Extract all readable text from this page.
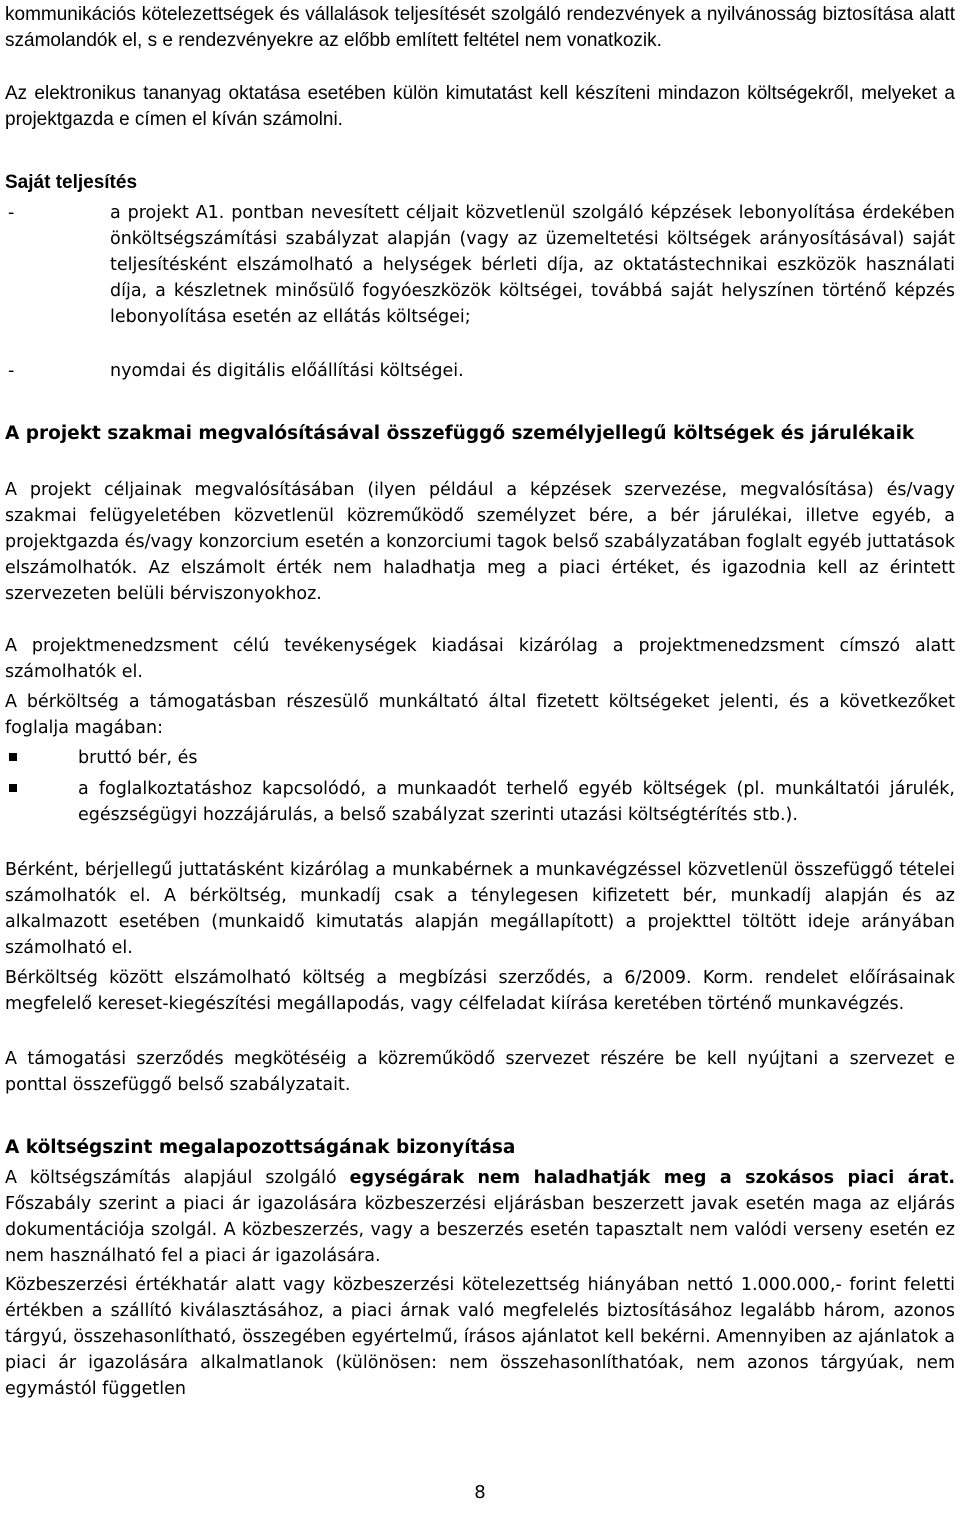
kommunikációs kötelezettségek és vállalások teljesítését szolgáló rendezvények a nyilvánosság biztosítása alatt számolandók el, s e rendezvényekre az előbb említett feltétel nem vonatkozik.

Az elektronikus tananyag oktatása esetében külön kimutatást kell készíteni mindazon költségekről, melyeket a projektgazda e címen el kíván számolni.

Saját teljesítés
-	a projekt A1. pontban nevesített céljait közvetlenül szolgáló képzések lebonyolítása érdekében önköltségszámítási szabályzat alapján (vagy az üzemeltetési költségek arányosításával) saját teljesítésként elszámolható a helységek bérleti díja, az oktatástechnikai eszközök használati díja, a készletnek minősülő fogyóeszközök költségei, továbbá saját helyszínen történő képzés lebonyolítása esetén az ellátás költségei;

-	nyomdai és digitális előállítási költségei.

A projekt szakmai megvalósításával összefüggő személyjellegű költségek és járulékaik

A projekt céljainak megvalósításában (ilyen például a képzések szervezése, megvalósítása) és/vagy szakmai felügyeletében közvetlenül közreműködő személyzet bére, a bér járulékai, illetve egyéb, a projektgazda és/vagy konzorcium esetén a konzorciumi tagok belső szabályzatában foglalt egyéb juttatások elszámolhatók. Az elszámolt érték nem haladhatja meg a piaci értéket, és igazodnia kell az érintett szervezeten belüli bérviszonyokhoz.

A projektmenedzsment célú tevékenységek kiadásai kizárólag a projektmenedzsment címszó alatt számolhatók el.

A bérköltség a támogatásban részesülő munkáltató által fizetett költségeket jelenti, és a következőket foglalja magában:

bruttó bér, és

a foglalkoztatáshoz kapcsolódó, a munkaadót terhelő egyéb költségek (pl. munkáltatói járulék, egészségügyi hozzájárulás, a belső szabályzat szerinti utazási költségtérítés stb.).

Bérként, bérjellegű juttatásként kizárólag a munkabérnek a munkavégzéssel közvetlenül összefüggő tételei számolhatók el. A bérköltség, munkadíj csak a ténylegesen kifizetett bér, munkadíj alapján és az alkalmazott esetében (munkaidő kimutatás alapján megállapított) a projekttel töltött ideje arányában számolható el.

Bérköltség között elszámolható költség a megbízási szerződés, a 6/2009. Korm. rendelet előírásainak megfelelő kereset-kiegészítési megállapodás, vagy célfeladat kiírása keretében történő munkavégzés.

A támogatási szerződés megkötéséig a közreműködő szervezet részére be kell nyújtani a szervezet e ponttal összefüggő belső szabályzatait.

A költségszint megalapozottságának bizonyítása

A költségszámítás alapjául szolgáló egységárak nem haladhatják meg a szokásos piaci árat. Főszabály szerint a piaci ár igazolására közbeszerzési eljárásban beszerzett javak esetén maga az eljárás dokumentációja szolgál. A közbeszerzés, vagy a beszerzés esetén tapasztalt nem valódi verseny esetén ez nem használható fel a piaci ár igazolására.

Közbeszerzési értékhatár alatt vagy közbeszerzési kötelezettség hiányában nettó 1.000.000,- forint feletti értékben a szállító kiválasztásához, a piaci árnak való megfelelés biztosításához legalább három, azonos tárgyú, összehasonlítható, összegében egyértelmű, írásos ajánlatot kell bekérni. Amennyiben az ajánlatok a piaci ár igazolására alkalmatlanok (különösen: nem összehasonlíthatóak, nem azonos tárgyúak, nem egymástól független

8
